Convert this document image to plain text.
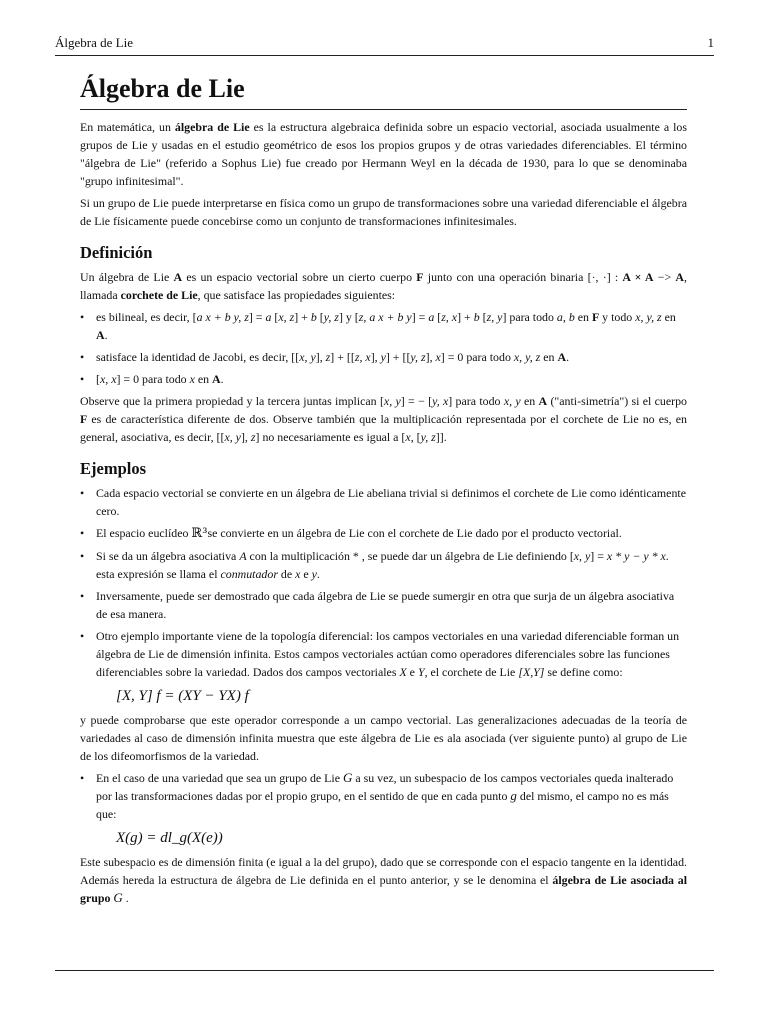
Álgebra de Lie	1
Álgebra de Lie

En matemática, un álgebra de Lie es la estructura algebraica definida sobre un espacio vectorial, asociada usualmente a los grupos de Lie y usadas en el estudio geométrico de esos los propios grupos y de otras variedades diferenciables. El término "álgebra de Lie" (referido a Sophus Lie) fue creado por Hermann Weyl en la década de 1930, para lo que se denominaba "grupo infinitesimal".

Si un grupo de Lie puede interpretarse en física como un grupo de transformaciones sobre una variedad diferenciable el álgebra de Lie físicamente puede concebirse como un conjunto de transformaciones infinitesimales.

Definición

Un álgebra de Lie A es un espacio vectorial sobre un cierto cuerpo F junto con una operación binaria [·, ·] : A × A −> A, llamada corchete de Lie, que satisface las propiedades siguientes:

• es bilineal, es decir, [a x + b y, z] = a [x, z] + b [y, z] y [z, a x + b y] = a [z, x] + b [z, y] para todo a, b en F y todo x, y, z en A.
• satisface la identidad de Jacobi, es decir, [[x, y], z] + [[z, x], y] + [[y, z], x] = 0 para todo x, y, z en A.
• [x, x] = 0 para todo x en A.

Observe que la primera propiedad y la tercera juntas implican [x, y] = − [y, x] para todo x, y en A ("anti-simetría") si el cuerpo F es de característica diferente de dos. Observe también que la multiplicación representada por el corchete de Lie no es, en general, asociativa, es decir, [[x, y], z] no necesariamente es igual a [x, [y, z]].

Ejemplos
• Cada espacio vectorial se convierte en un álgebra de Lie abeliana trivial si definimos el corchete de Lie como idénticamente cero.
• El espacio euclídeo ℝ³se convierte en un álgebra de Lie con el corchete de Lie dado por el producto vectorial.
• Si se da un álgebra asociativa A con la multiplicación * , se puede dar un álgebra de Lie definiendo [x, y] = x * y − y * x. esta expresión se llama el conmutador de x e y.
• Inversamente, puede ser demostrado que cada álgebra de Lie se puede sumergir en otra que surja de un álgebra asociativa de esa manera.
• Otro ejemplo importante viene de la topología diferencial: los campos vectoriales en una variedad diferenciable forman un álgebra de Lie de dimensión infinita. Estos campos vectoriales actúan como operadores diferenciales sobre las funciones diferenciables sobre la variedad. Dados dos campos vectoriales X e Y, el corchete de Lie [X,Y] se define como:
[X, Y] f = (XY − YX) f

y puede comprobarse que este operador corresponde a un campo vectorial. Las generalizaciones adecuadas de la teoría de variedades al caso de dimensión infinita muestra que este álgebra de Lie es ala asociada (ver siguiente punto) al grupo de Lie de los difeomorfismos de la variedad.

• En el caso de una variedad que sea un grupo de Lie G a su vez, un subespacio de los campos vectoriales queda inalterado por las transformaciones dadas por el propio grupo, en el sentido de que en cada punto g del mismo, el campo no es más que:
X(g) = dl_g(X(e))

Este subespacio es de dimensión finita (e igual a la del grupo), dado que se corresponde con el espacio tangente en la identidad. Además hereda la estructura de álgebra de Lie definida en el punto anterior, y se le denomina el álgebra de Lie asociada al grupo G .
